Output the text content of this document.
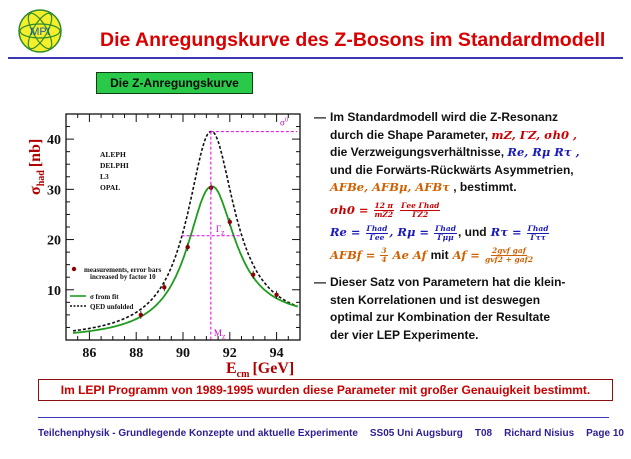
MPI	Die Anregungskurve des Z-Bosons im Standardmodell
Die Z-Anregungskurve
10
20
30
40
86 88 90 92 94
$\sigma_{had}[nb]$
$E_{cm}$ [GeV]
ALEPH
DELPHI
L3
OPAL
$\sigma^0$
$\Gamma_Z$
$M_Z$
measurements, error bars
increased by factor 10
σ from fit
QED unfolded
— Im Standardmodell wird die Z-Resonanz
durch die Shape Parameter, mZ, ΓZ, σh0 ,
die Verzweigungsverhältnisse, Re, Rμ Rτ ,
und die Forwärts-Rückwärts Asymmetrien,
AFBe, AFBμ, AFBτ , bestimmt.
$\sigma h0 = \frac{12 \pi}{mZ2}$
Γee Γhad
ΓZ2
Re = Γhad
Γee , Rμ = Γhad
Γμμ , und Rτ = Γhad
Γττ
AFBf = $\frac{3}{4}$ Ae Af mit Af = 2gvf gaf
gvf2 + gaf2
— Dieser Satz von Parametern hat die klein-
sten Korrelationen und ist deswegen
optimal zur Kombination der Resultate
der vier LEP Experimente.
Im LEPI Programm von 1989-1995 wurden diese Parameter mit großer Genauigkeit bestimmt.
Teilchenphysik - Grundlegende Konzepte und aktuelle Experimente SS05 Uni Augsburg T08 Richard Nisius Page 10
